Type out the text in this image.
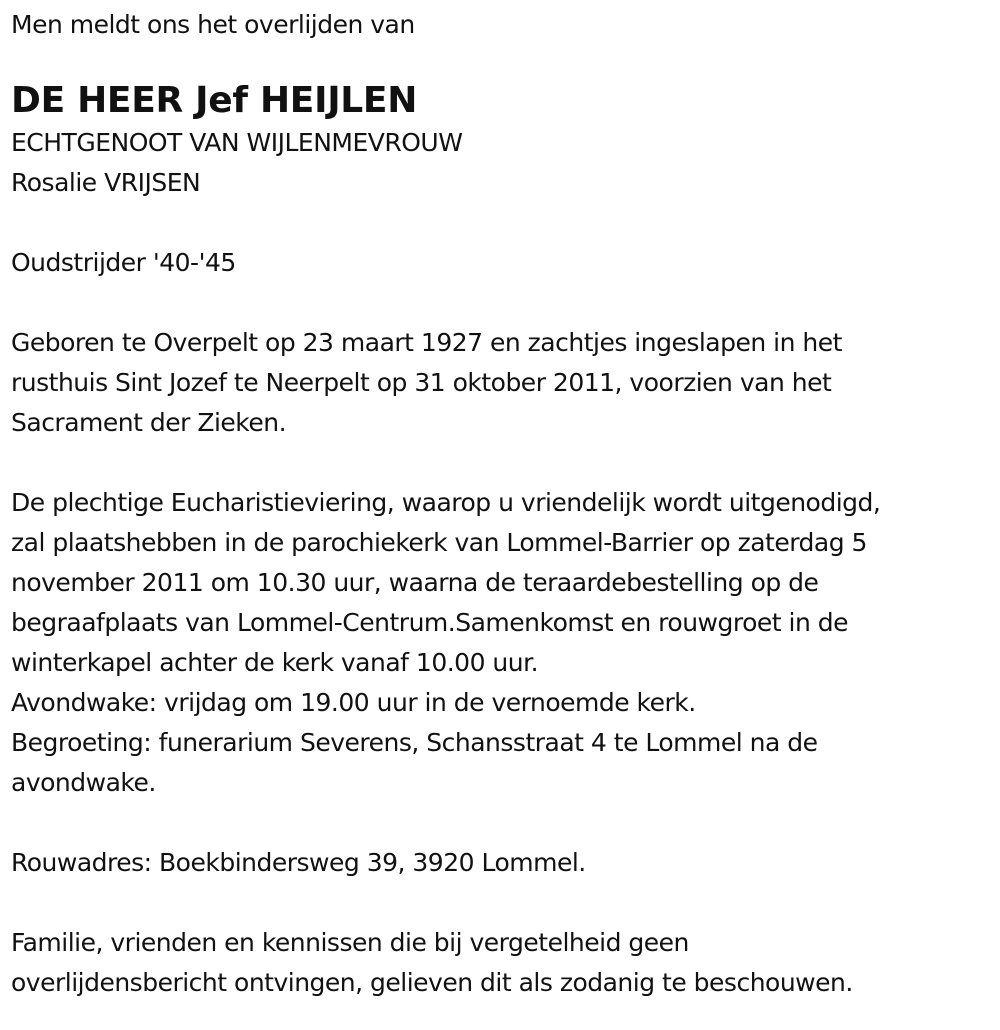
Men meldt ons het overlijden van
DE HEER Jef HEIJLEN
ECHTGENOOT VAN WIJLENMEVROUW
Rosalie VRIJSEN
Oudstrijder '40-'45
Geboren te Overpelt op 23 maart 1927 en zachtjes ingeslapen in het
rusthuis Sint Jozef te Neerpelt op 31 oktober 2011, voorzien van het
Sacrament der Zieken.
De plechtige Eucharistieviering, waarop u vriendelijk wordt uitgenodigd,
zal plaatshebben in de parochiekerk van Lommel-Barrier op zaterdag 5
november 2011 om 10.30 uur, waarna de teraardebestelling op de
begraafplaats van Lommel-Centrum.Samenkomst en rouwgroet in de
winterkapel achter de kerk vanaf 10.00 uur.
Avondwake: vrijdag om 19.00 uur in de vernoemde kerk.
Begroeting: funerarium Severens, Schansstraat 4 te Lommel na de
avondwake.
Rouwadres: Boekbindersweg 39, 3920 Lommel.
Familie, vrienden en kennissen die bij vergetelheid geen
overlijdensbericht ontvingen, gelieven dit als zodanig te beschouwen.
